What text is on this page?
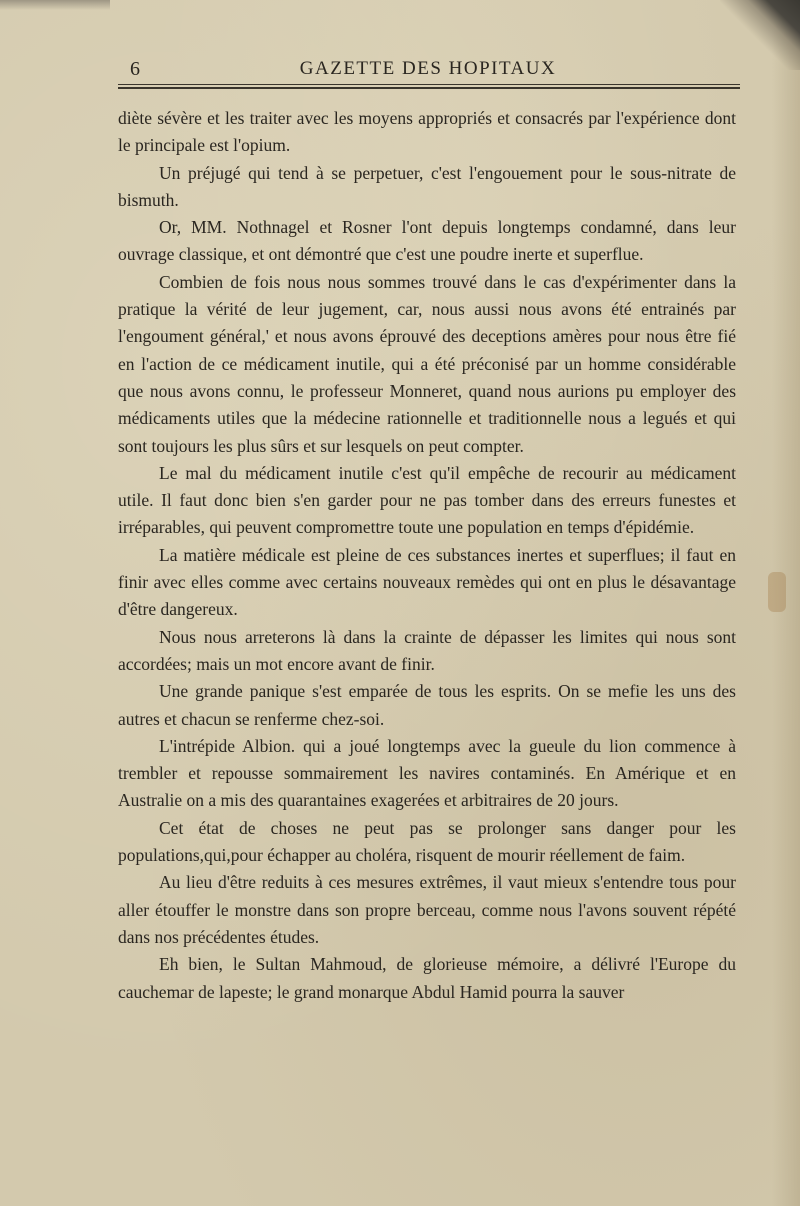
6	GAZETTE DES HOPITAUX

diète sévère et les traiter avec les moyens appropriés et consacrés par l'expérience dont le principale est l'opium.

Un préjugé qui tend à se perpetuer, c'est l'engouement pour le sous-nitrate de bismuth.

Or, MM. Nothnagel et Rosner l'ont depuis longtemps condamné, dans leur ouvrage classique, et ont démontré que c'est une poudre inerte et superflue.

Combien de fois nous nous sommes trouvé dans le cas d'expérimenter dans la pratique la vérité de leur jugement, car, nous aussi nous avons été entrainés par l'engoument général,' et nous avons éprouvé des deceptions amères pour nous être fié en l'action de ce médicament inutile, qui a été préconisé par un homme considérable que nous avons connu, le professeur Monneret, quand nous aurions pu employer des médicaments utiles que la médecine rationnelle et traditionnelle nous a legués et qui sont toujours les plus sûrs et sur lesquels on peut compter.

Le mal du médicament inutile c'est qu'il empêche de recourir au médicament utile. Il faut donc bien s'en garder pour ne pas tomber dans des erreurs funestes et irréparables, qui peuvent compromettre toute une population en temps d'épidémie.

La matière médicale est pleine de ces substances inertes et superflues; il faut en finir avec elles comme avec certains nouveaux remèdes qui ont en plus le désavantage d'être dangereux.

Nous nous arreterons là dans la crainte de dépasser les limites qui nous sont accordées; mais un mot encore avant de finir.

Une grande panique s'est emparée de tous les esprits. On se mefie les uns des autres et chacun se renferme chez-soi.

L'intrépide Albion. qui a joué longtemps avec la gueule du lion commence à trembler et repousse sommairement les navires contaminés. En Amérique et en Australie on a mis des quarantaines exagerées et arbitraires de 20 jours.

Cet état de choses ne peut pas se prolonger sans danger pour les populations,qui,pour échapper au choléra, risquent de mourir réellement de faim.

Au lieu d'être reduits à ces mesures extrêmes, il vaut mieux s'entendre tous pour aller étouffer le monstre dans son propre berceau, comme nous l'avons souvent répété dans nos précédentes études.

Eh bien, le Sultan Mahmoud, de glorieuse mémoire, a délivré l'Europe du cauchemar de lapeste; le grand monarque Abdul Hamid pourra la sauver
